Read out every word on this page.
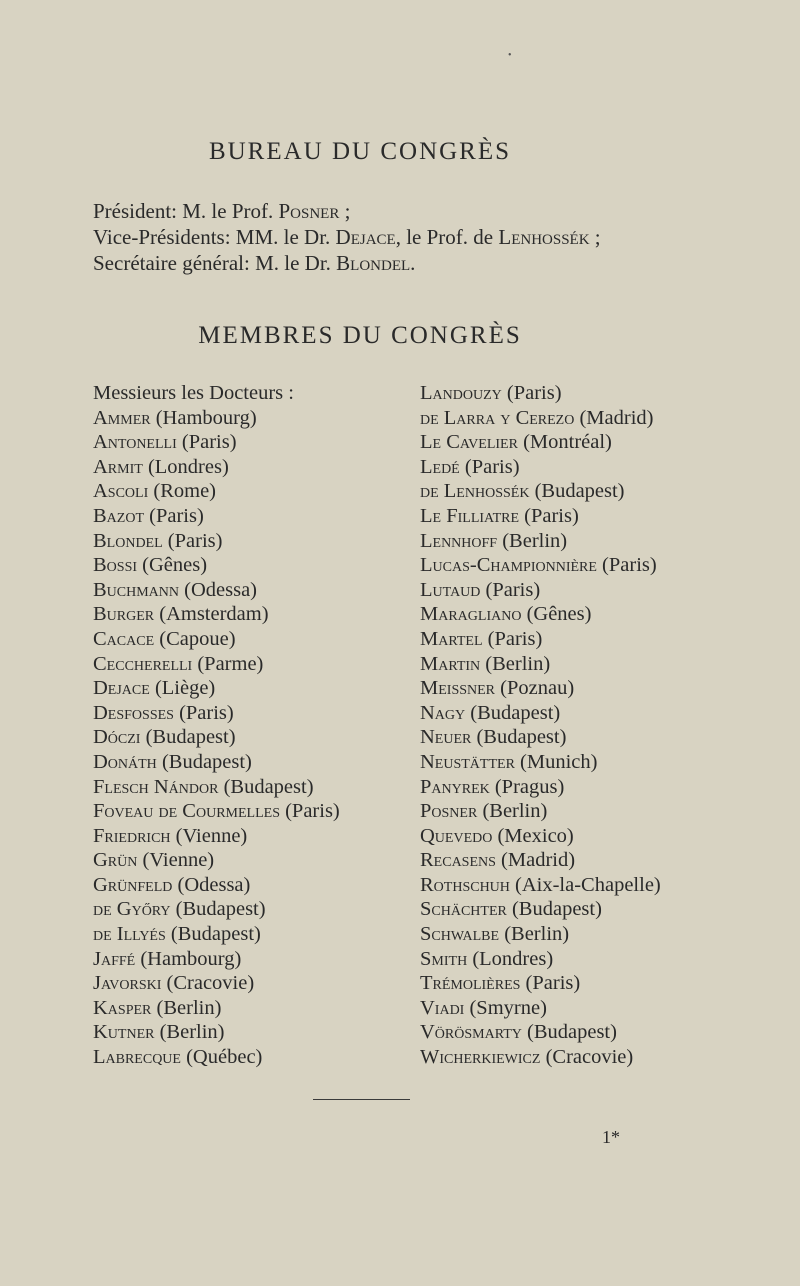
•
BUREAU DU CONGRÈS
Président: M. le Prof. Posner ;
Vice-Présidents: MM. le Dr. Dejace, le Prof. de Lenhossék ;
Secrétaire général: M. le Dr. Blondel.
MEMBRES DU CONGRÈS
Messieurs les Docteurs :
Ammer (Hambourg)
Antonelli (Paris)
Armit (Londres)
Ascoli (Rome)
Bazot (Paris)
Blondel (Paris)
Bossi (Gênes)
Buchmann (Odessa)
Burger (Amsterdam)
Cacace (Capoue)
Ceccherelli (Parme)
Dejace (Liège)
Desfosses (Paris)
Dóczi (Budapest)
Donáth (Budapest)
Flesch Nándor (Budapest)
Foveau de Courmelles (Paris)
Friedrich (Vienne)
Grün (Vienne)
Grünfeld (Odessa)
de Győry (Budapest)
de Illyés (Budapest)
Jaffé (Hambourg)
Javorski (Cracovie)
Kasper (Berlin)
Kutner (Berlin)
Labrecque (Québec)
Landouzy (Paris)
de Larra y Cerezo (Madrid)
Le Cavelier (Montréal)
Ledé (Paris)
de Lenhossék (Budapest)
Le Filliatre (Paris)
Lennhoff (Berlin)
Lucas-Championnière (Paris)
Lutaud (Paris)
Maragliano (Gênes)
Martel (Paris)
Martin (Berlin)
Meissner (Poznau)
Nagy (Budapest)
Neuer (Budapest)
Neustätter (Munich)
Panyrek (Pragus)
Posner (Berlin)
Quevedo (Mexico)
Recasens (Madrid)
Rothschuh (Aix-la-Chapelle)
Schächter (Budapest)
Schwalbe (Berlin)
Smith (Londres)
Trémolières (Paris)
Viadi (Smyrne)
Vörösmarty (Budapest)
Wicherkiewicz (Cracovie)
1*
